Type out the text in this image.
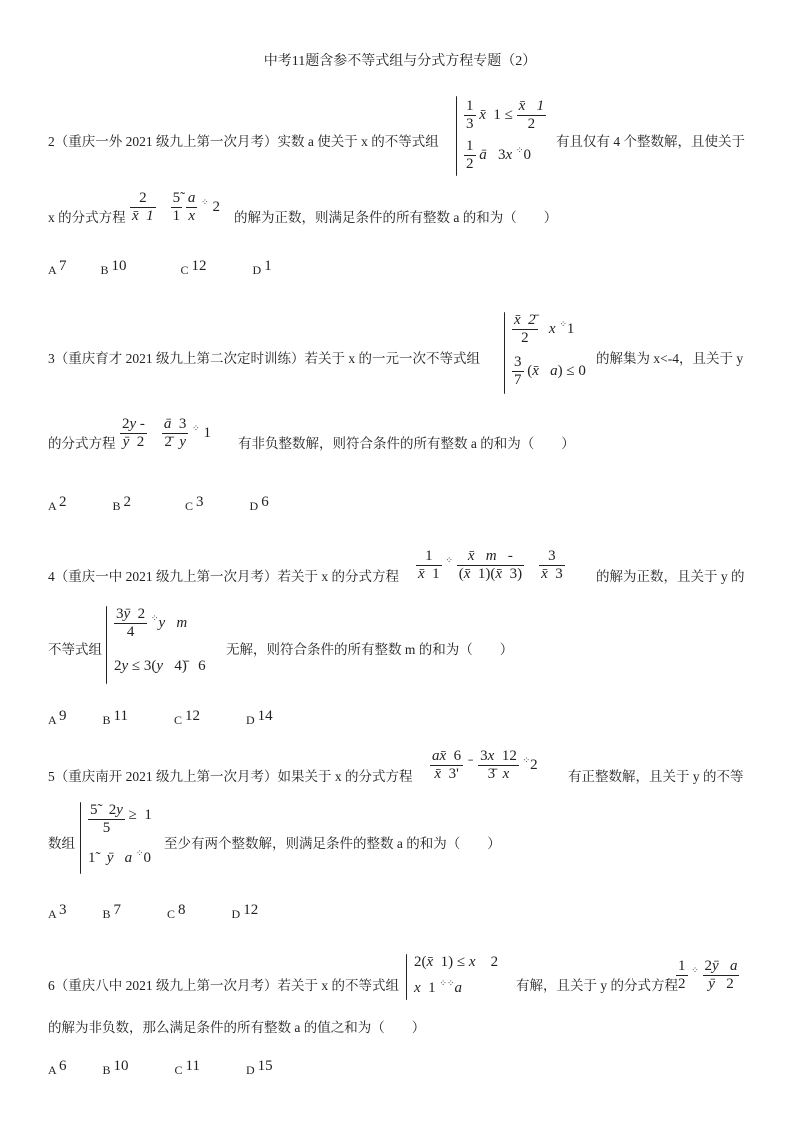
中考11题含参不等式组与分式方程专题（2）
2（重庆一外 2021 级九上第一次月考）实数 a 使关于 x 的不等式组
$\frac{1}{3}$ x̄  $1 \le \frac{x̄ 1}{2}$
$\frac{1}{2}$ ā   3x ⁘0
有且仅有 4 个整数解，且使关于
x 的分式方程 $\frac{2}{x̄ 1}$
$\frac{5̃}{1}$
$\frac{a}{x} ^⁘$ 2
的解为正数，则满足条件的所有整数 a 的和为（　　）
A 7	B 10	C 12	D 1
3（重庆育才 2021 级九上第二次定时训练）若关于 x 的一元一次不等式组
$\frac{x̄ 2̄}{2}$ x ⁘1
$\frac{3}{7}$ (x̄ a) ≤ 0
的解集为 x<-4，且关于 y
的分式方程 $\frac{2y -}{ȳ 2}$
$\frac{ā 3}{2̄ y} ^⁘$ 1
有非负整数解，则符合条件的所有整数 a 的和为（　　）
A 2	B 2	C 3	D 6
4（重庆一中 2021 级九上第一次月考）若关于 x 的分式方程 $\frac{1}{x̄ 1} ^⁘ \frac{x̄ m -}{(x̄ 1)(x̄ 3)}$
$\frac{3}{x̄ 3}$ 的解为正数，且关于 y 的
不等式组
$\frac{3ȳ 2}{4} ^⁘y$ m
2y ≤ 3(y   4)̄   6
无解，则符合条件的所有整数 m 的和为（　　）
A 9	B 11	C 12	D 14
5（重庆南开 2021 级九上第一次月考）如果关于 x 的分式方程 $\frac{ax̄ 6}{x̄ 3'}$ ̄ $\frac{3x 12}{3̄ x} ^⁘2$
有正整数解，且关于 y 的不等
数组
$\frac{5̃ 2y}{5} \ge 1$
1̃   ȳ a ⁘0
至少有两个整数解，则满足条件的整数 a 的和为（　　）
A 3	B 7	C 8	D 12
6（重庆八中 2021 级九上第一次月考）若关于 x 的不等式组
2(x̄  1) ≤ x    2
x  1 ⁘⁘a	有解，且关于 y 的分式方程
$\frac{1}{2} ^⁘ \frac{2ȳ a}{ȳ 2}$
的解为非负数，那么满足条件的所有整数 a 的值之和为（　　）
A 6	B 10	C 11	D 15
